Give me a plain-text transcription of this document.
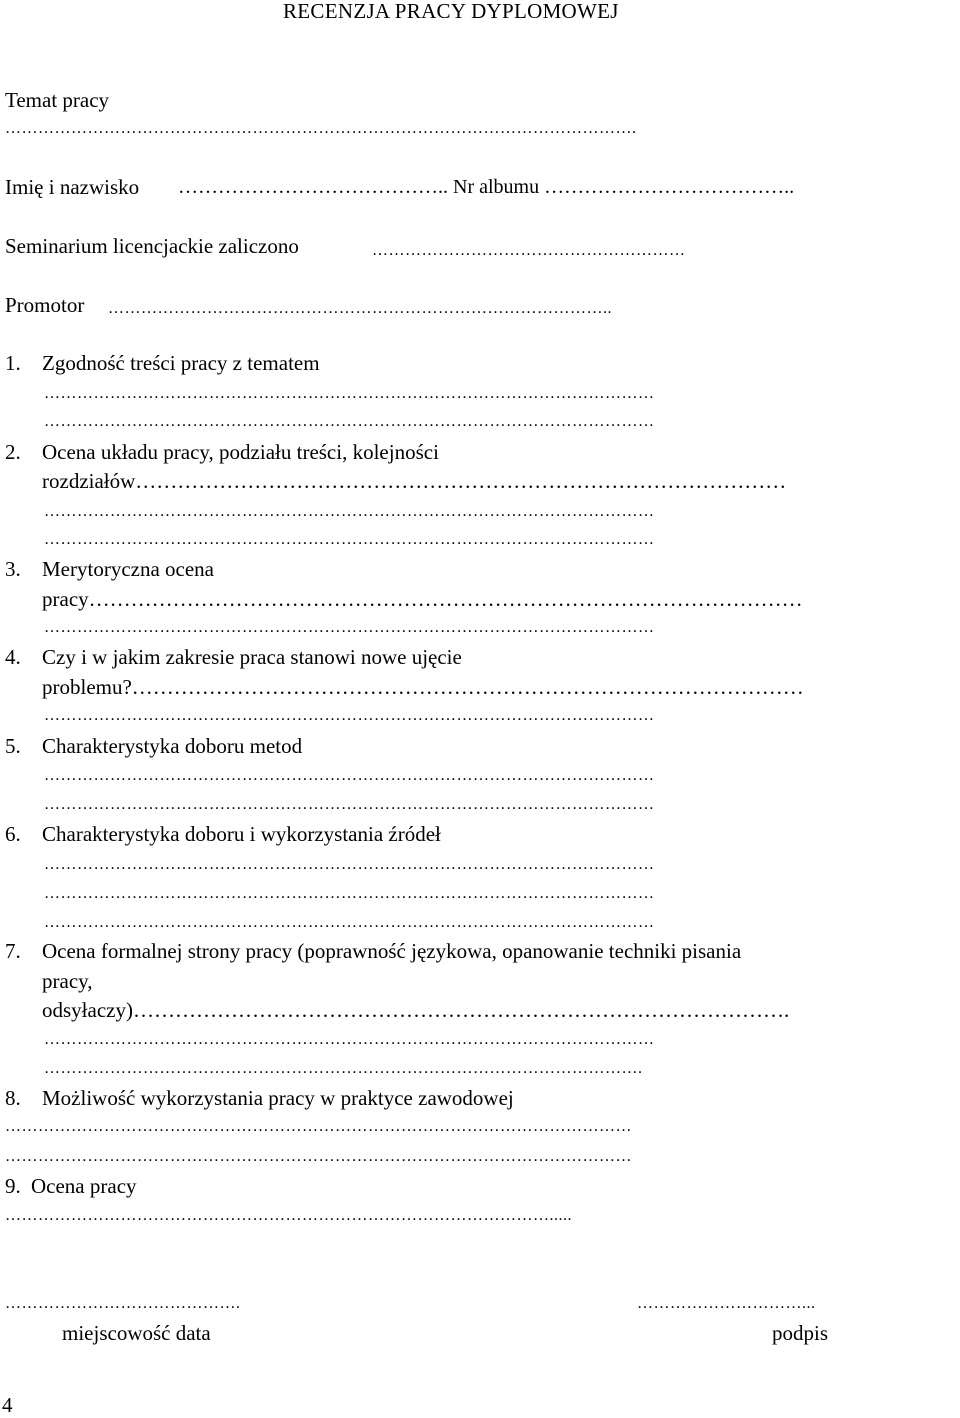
RECENZJA PRACY DYPLOMOWEJ
Temat pracy
…………………………………………………………………………………………………….
Imię i nazwisko ………………………………….. Nr albumu ………………………………..
Seminarium licencjackie zaliczono	…………………………………………………
Promotor ………………………………………………………………………………..
1. Zgodność treści pracy z tematem
…………………………………………………………………………………………………
…………………………………………………………………………………………………
2. Ocena układu pracy, podziału treści, kolejności
rozdziałów…………………………………………………………………………………
…………………………………………………………………………………………………
…………………………………………………………………………………………………
3. Merytoryczna ocena
pracy…………………………………………………………………………………………
…………………………………………………………………………………………………
4. Czy i w jakim zakresie praca stanowi nowe ujęcie
problemu?……………………………………………………………………………………
…………………………………………………………………………………………………
5. Charakterystyka doboru metod
…………………………………………………………………………………………………
…………………………………………………………………………………………………
6. Charakterystyka doboru i wykorzystania źródeł
…………………………………………………………………………………………………
…………………………………………………………………………………………………
…………………………………………………………………………………………………
7. Ocena formalnej strony pracy (poprawność językowa, opanowanie techniki pisania
pracy,
odsyłaczy)………………………………………………………………………………….
…………………………………………………………………………………………………
……………………………………………………………………………………………….
8. Możliwość wykorzystania pracy w praktyce zawodowej
……………………………………………………………………………………………………
……………………………………………………………………………………………………
9. Ocena pracy
……………………………………………………………………………………….....
…………………………………….	…………………………...
miejscowość data	podpis
4
